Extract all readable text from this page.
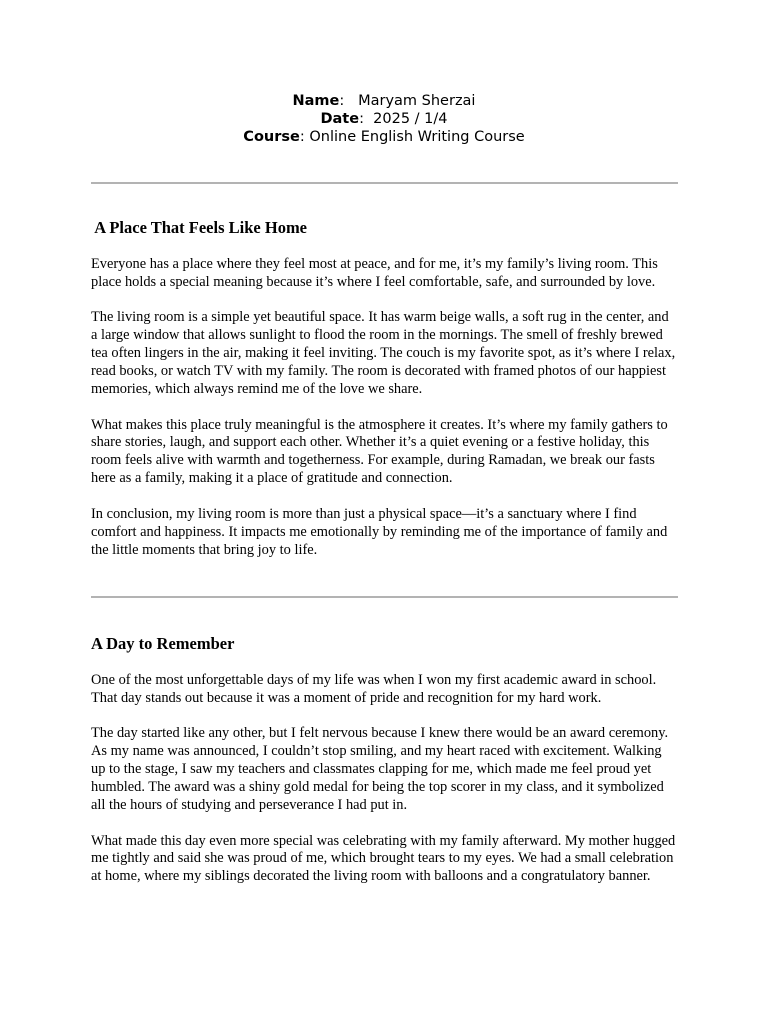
Name:   Maryam Sherzai
Date:  2025 / 1/4
Course: Online English Writing Course
A Place That Feels Like Home

Everyone has a place where they feel most at peace, and for me, it’s my family’s living room. This place holds a special meaning because it’s where I feel comfortable, safe, and surrounded by love.

The living room is a simple yet beautiful space. It has warm beige walls, a soft rug in the center, and a large window that allows sunlight to flood the room in the mornings. The smell of freshly brewed tea often lingers in the air, making it feel inviting. The couch is my favorite spot, as it’s where I relax, read books, or watch TV with my family. The room is decorated with framed photos of our happiest memories, which always remind me of the love we share.

What makes this place truly meaningful is the atmosphere it creates. It’s where my family gathers to share stories, laugh, and support each other. Whether it’s a quiet evening or a festive holiday, this room feels alive with warmth and togetherness. For example, during Ramadan, we break our fasts here as a family, making it a place of gratitude and connection.

In conclusion, my living room is more than just a physical space—it’s a sanctuary where I find comfort and happiness. It impacts me emotionally by reminding me of the importance of family and the little moments that bring joy to life.

A Day to Remember

One of the most unforgettable days of my life was when I won my first academic award in school. That day stands out because it was a moment of pride and recognition for my hard work.

The day started like any other, but I felt nervous because I knew there would be an award ceremony. As my name was announced, I couldn’t stop smiling, and my heart raced with excitement. Walking up to the stage, I saw my teachers and classmates clapping for me, which made me feel proud yet humbled. The award was a shiny gold medal for being the top scorer in my class, and it symbolized all the hours of studying and perseverance I had put in.

What made this day even more special was celebrating with my family afterward. My mother hugged me tightly and said she was proud of me, which brought tears to my eyes. We had a small celebration at home, where my siblings decorated the living room with balloons and a congratulatory banner.
